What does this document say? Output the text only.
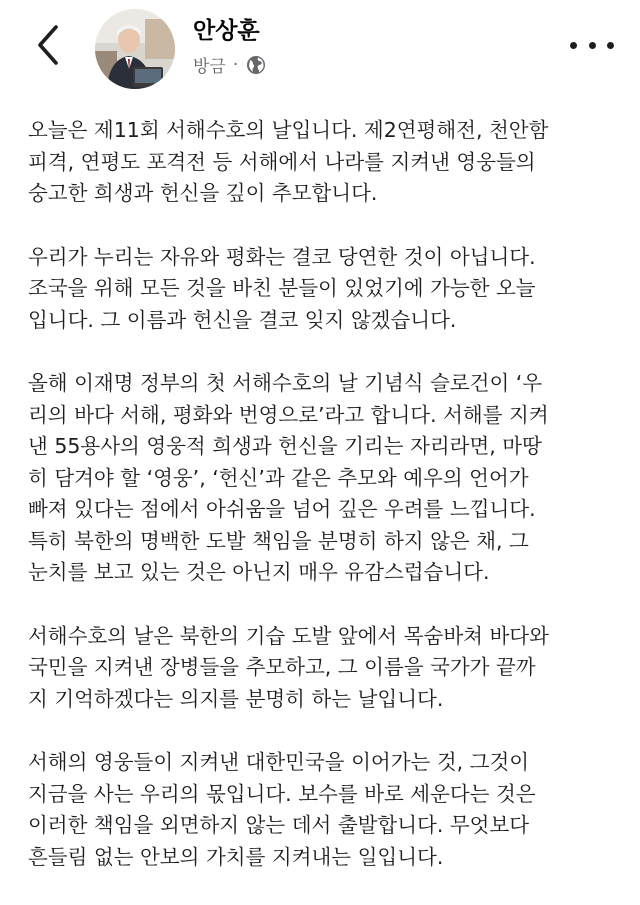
안상훈
방금 ·

오늘은 제11회 서해수호의 날입니다. 제2연평해전, 천안함
피격, 연평도 포격전 등 서해에서 나라를 지켜낸 영웅들의
숭고한 희생과 헌신을 깊이 추모합니다.

우리가 누리는 자유와 평화는 결코 당연한 것이 아닙니다.
조국을 위해 모든 것을 바친 분들이 있었기에 가능한 오늘
입니다. 그 이름과 헌신을 결코 잊지 않겠습니다.

올해 이재명 정부의 첫 서해수호의 날 기념식 슬로건이 ‘우
리의 바다 서해, 평화와 번영으로’라고 합니다. 서해를 지켜
낸 55용사의 영웅적 희생과 헌신을 기리는 자리라면, 마땅
히 담겨야 할 ‘영웅’, ‘헌신’과 같은 추모와 예우의 언어가
빠져 있다는 점에서 아쉬움을 넘어 깊은 우려를 느낍니다.
특히 북한의 명백한 도발 책임을 분명히 하지 않은 채, 그
눈치를 보고 있는 것은 아닌지 매우 유감스럽습니다.

서해수호의 날은 북한의 기습 도발 앞에서 목숨바쳐 바다와
국민을 지켜낸 장병들을 추모하고, 그 이름을 국가가 끝까
지 기억하겠다는 의지를 분명히 하는 날입니다.

서해의 영웅들이 지켜낸 대한민국을 이어가는 것, 그것이
지금을 사는 우리의 몫입니다. 보수를 바로 세운다는 것은
이러한 책임을 외면하지 않는 데서 출발합니다. 무엇보다
흔들림 없는 안보의 가치를 지켜내는 일입니다.
